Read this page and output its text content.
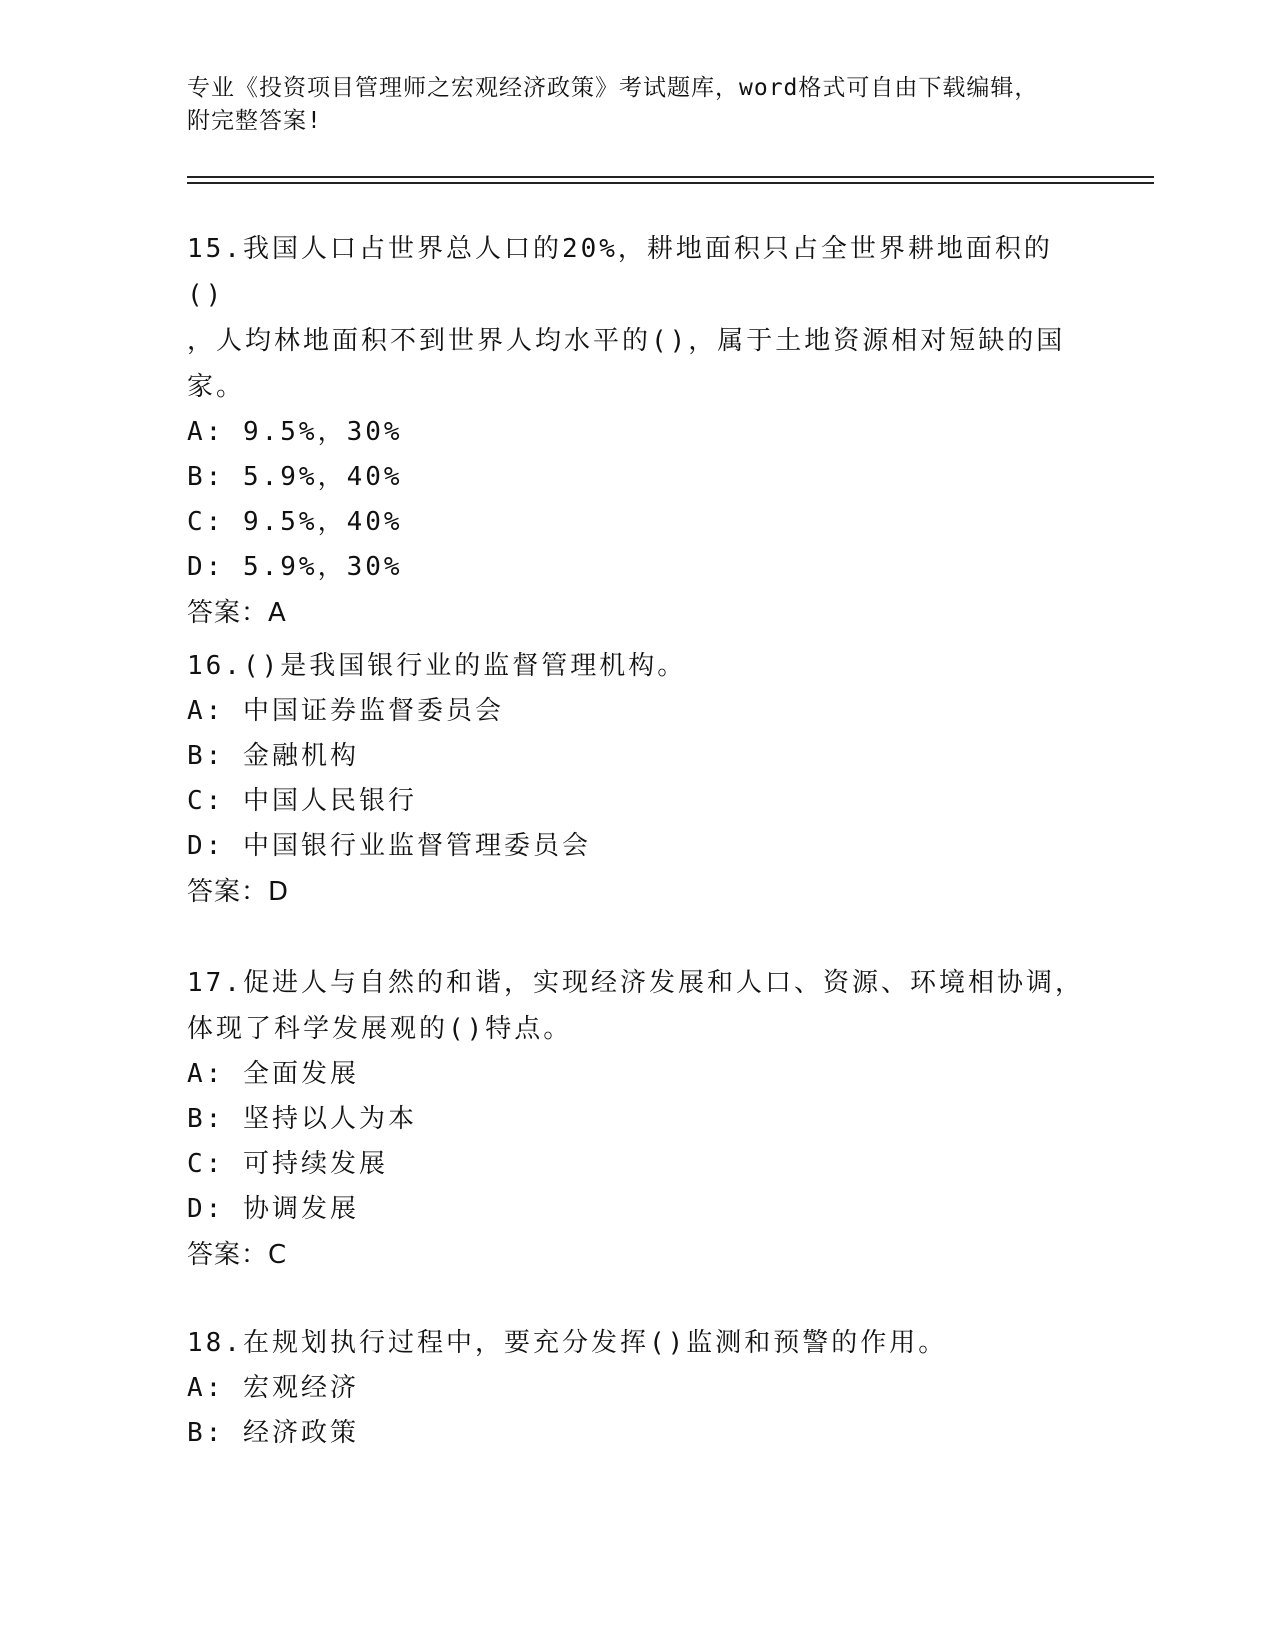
专业《投资项目管理师之宏观经济政策》考试题库，word格式可自由下载编辑，
附完整答案!
15.我国人口占世界总人口的20%，耕地面积只占全世界耕地面积的()
，人均林地面积不到世界人均水平的()，属于土地资源相对短缺的国
家。
A: 9.5%，30%
B: 5.9%，40%
C: 9.5%，40%
D: 5.9%，30%
答案：A
16.()是我国银行业的监督管理机构。
A: 中国证券监督委员会
B: 金融机构
C: 中国人民银行
D: 中国银行业监督管理委员会
答案：D
17.促进人与自然的和谐，实现经济发展和人口、资源、环境相协调，
体现了科学发展观的()特点。
A: 全面发展
B: 坚持以人为本
C: 可持续发展
D: 协调发展
答案：C
18.在规划执行过程中，要充分发挥()监测和预警的作用。
A: 宏观经济
B: 经济政策
